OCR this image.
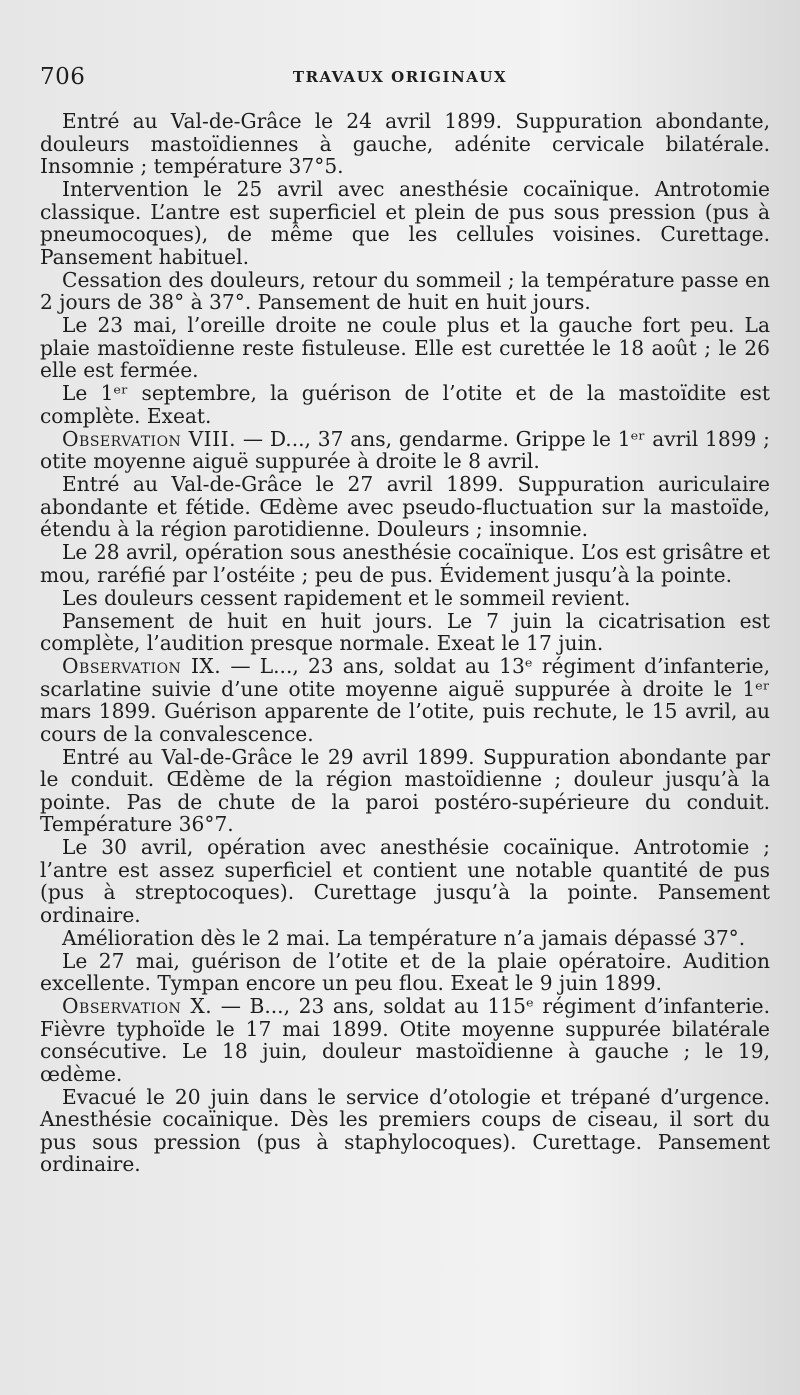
706	TRAVAUX ORIGINAUX

Entré au Val-de-Grâce le 24 avril 1899. Suppuration abondante, douleurs mastoïdiennes à gauche, adénite cervicale bilatérale. Insomnie ; température 37°5.

Intervention le 25 avril avec anesthésie cocaïnique. Antrotomie classique. L’antre est superficiel et plein de pus sous pression (pus à pneumocoques), de même que les cellules voisines. Curettage. Pansement habituel.

Cessation des douleurs, retour du sommeil ; la température passe en 2 jours de 38° à 37°. Pansement de huit en huit jours.

Le 23 mai, l’oreille droite ne coule plus et la gauche fort peu. La plaie mastoïdienne reste fistuleuse. Elle est curettée le 18 août ; le 26 elle est fermée.

Le 1ᵉʳ septembre, la guérison de l’otite et de la mastoïdite est complète. Exeat.

Observation VIII. — D..., 37 ans, gendarme. Grippe le 1ᵉʳ avril 1899 ; otite moyenne aiguë suppurée à droite le 8 avril.

Entré au Val-de-Grâce le 27 avril 1899. Suppuration auriculaire abondante et fétide. Œdème avec pseudo-fluctuation sur la mastoïde, étendu à la région parotidienne. Douleurs ; insomnie.

Le 28 avril, opération sous anesthésie cocaïnique. L’os est grisâtre et mou, raréfié par l’ostéite ; peu de pus. Évidement jusqu’à la pointe.

Les douleurs cessent rapidement et le sommeil revient.

Pansement de huit en huit jours. Le 7 juin la cicatrisation est complète, l’audition presque normale. Exeat le 17 juin.

Observation IX. — L..., 23 ans, soldat au 13ᵉ régiment d’infanterie, scarlatine suivie d’une otite moyenne aiguë suppurée à droite le 1ᵉʳ mars 1899. Guérison apparente de l’otite, puis rechute, le 15 avril, au cours de la convalescence.

Entré au Val-de-Grâce le 29 avril 1899. Suppuration abondante par le conduit. Œdème de la région mastoïdienne ; douleur jusqu’à la pointe. Pas de chute de la paroi postéro-supérieure du conduit. Température 36°7.

Le 30 avril, opération avec anesthésie cocaïnique. Antrotomie ; l’antre est assez superficiel et contient une notable quantité de pus (pus à streptocoques). Curettage jusqu’à la pointe. Pansement ordinaire.

Amélioration dès le 2 mai. La température n’a jamais dépassé 37°.

Le 27 mai, guérison de l’otite et de la plaie opératoire. Audition excellente. Tympan encore un peu flou. Exeat le 9 juin 1899.

Observation X. — B..., 23 ans, soldat au 115ᵉ régiment d’infanterie. Fièvre typhoïde le 17 mai 1899. Otite moyenne suppurée bilatérale consécutive. Le 18 juin, douleur mastoïdienne à gauche ; le 19, œdème.

Evacué le 20 juin dans le service d’otologie et trépané d’urgence. Anesthésie cocaïnique. Dès les premiers coups de ciseau, il sort du pus sous pression (pus à staphylocoques). Curettage. Pansement ordinaire.
